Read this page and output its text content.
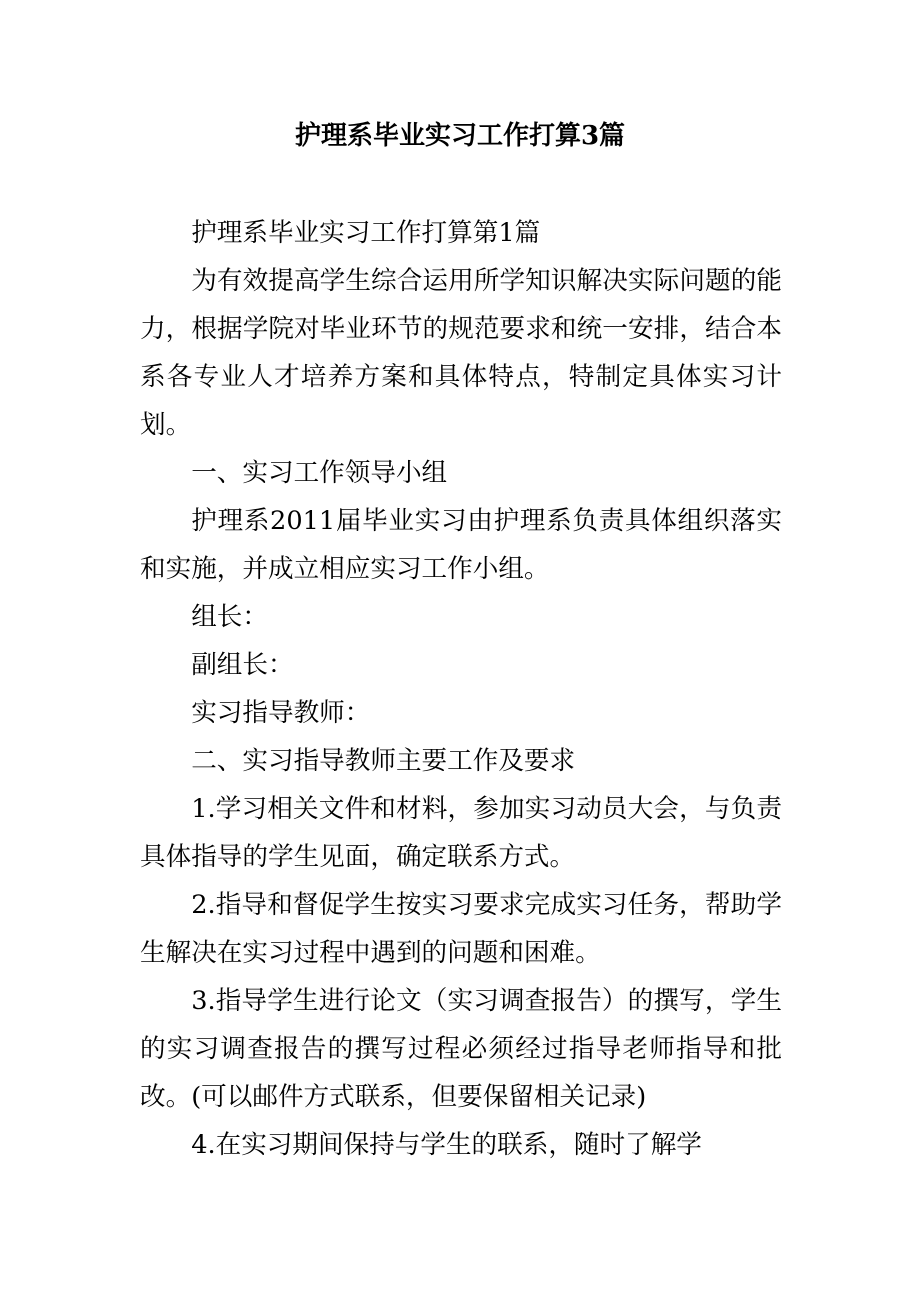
护理系毕业实习工作打算3篇

护理系毕业实习工作打算第1篇

为有效提高学生综合运用所学知识解决实际问题的能力，根据学院对毕业环节的规范要求和统一安排，结合本系各专业人才培养方案和具体特点，特制定具体实习计划。

一、实习工作领导小组

护理系2011届毕业实习由护理系负责具体组织落实和实施，并成立相应实习工作小组。

组长：

副组长：

实习指导教师：

二、实习指导教师主要工作及要求

1.学习相关文件和材料，参加实习动员大会，与负责具体指导的学生见面，确定联系方式。

2.指导和督促学生按实习要求完成实习任务，帮助学生解决在实习过程中遇到的问题和困难。

3.指导学生进行论文（实习调查报告）的撰写，学生的实习调查报告的撰写过程必须经过指导老师指导和批改。(可以邮件方式联系，但要保留相关记录)

4.在实习期间保持与学生的联系，随时了解学
